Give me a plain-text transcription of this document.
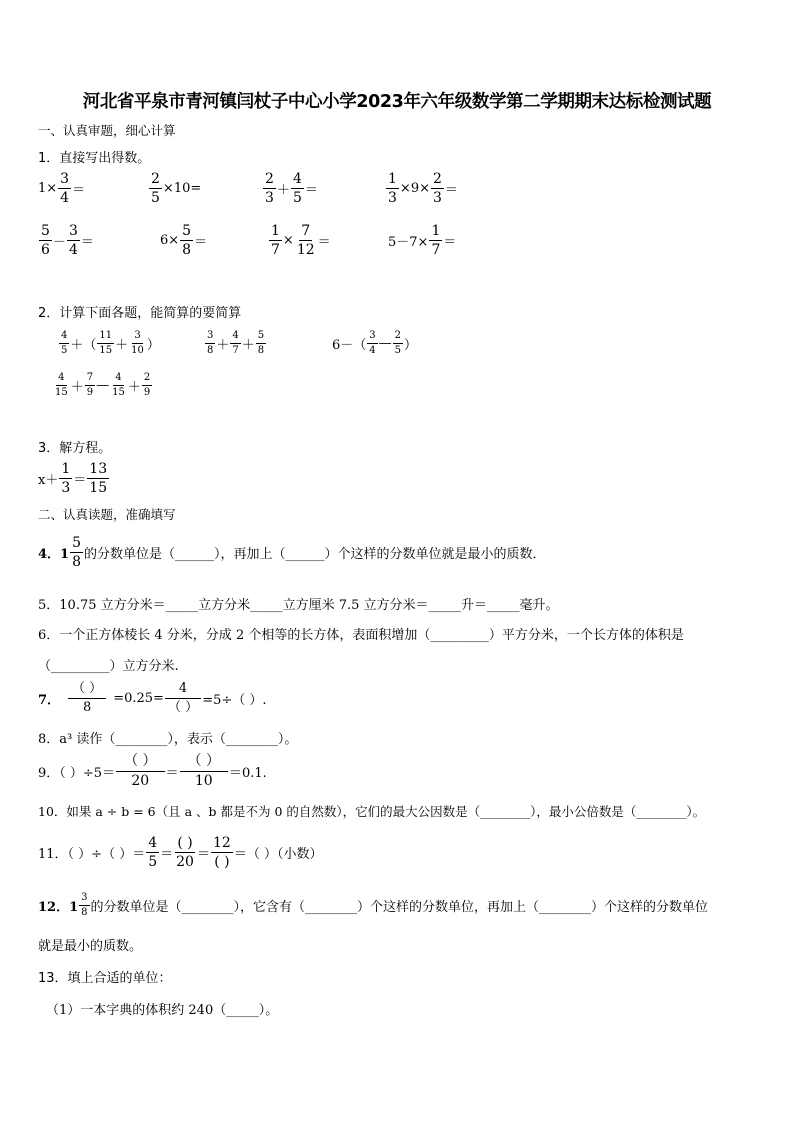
河北省平泉市青河镇闫杖子中心小学2023年六年级数学第二学期期末达标检测试题
一、认真审题，细心计算
1．直接写出得数。
$1\times \frac{3}{4}$ ＝	$\frac{2}{5} \times 10=$
2
3 ＋
4
5 ＝	$\frac{1}{3} \times 9\times \frac{2}{3}$ ＝
5
6 －
3
4 ＝	$6\times \frac{5}{8}$ ＝	$\frac{1}{7} \times \frac{7}{12}$ ＝	$5-7\times \frac{1}{7}$ ＝
2．计算下面各题，能简算的要简算
4
5 ＋（
11
15 ＋
3
10 ）
3
8 ＋
4
7 ＋
5
8	6－（
3
4 —
2
5 ）
4
15 ＋
7
9 —
4
15 ＋
2
9
3．解方程。
x＋
1
3 ＝
13
15
二、认真读题，准确填写
4．1
5
8 的分数单位是（______），再加上（______）个这样的分数单位就是最小的质数．
5．10.75 立方分米＝_____立方分米_____立方厘米 7.5 立方分米＝_____升＝_____毫升。
6．一个正方体棱长 4 分米，分成 2 个相等的长方体，表面积增加（_________）平方分米，一个长方体的体积是
（_________）立方分米.
7．
（ ）
8
=0.25=
4
（ ） =5÷（ ）.
8．a³ 读作（________），表示（________）。
9．（ ）÷5＝
（ ）
20 ＝
（ ）
10 ＝0.1.
10．如果 a ÷ b = 6（且 a 、b 都是不为 0 的自然数），它们的最大公因数是（________），最小公倍数是（________）。
11．（ ）÷（ ）＝
4
5 ＝
( )
20 ＝
12
( ) ＝（ ）（小数）
12．1
3
8 的分数单位是（________），它含有（________）个这样的分数单位，再加上（________）个这样的分数单位
就是最小的质数。
13．填上合适的单位：
（1）一本字典的体积约 240（_____）。
